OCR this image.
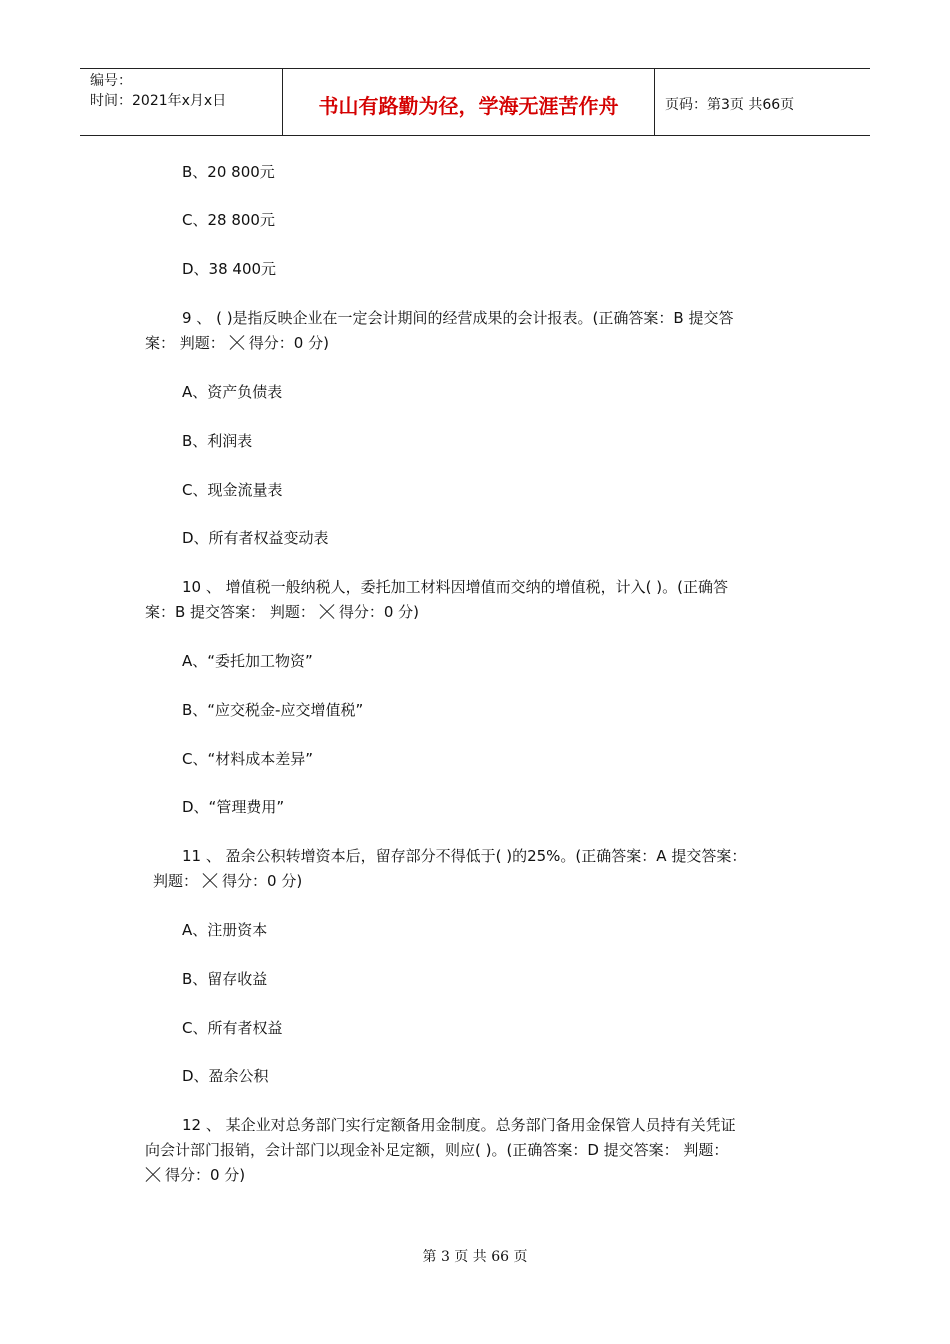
编号：
时间：2021年x月x日	书山有路勤为径，学海无涯苦作舟	页码：第3页 共66页
B、20 800元
C、28 800元
D、38 400元
9 、 ( )是指反映企业在一定会计期间的经营成果的会计报表。(正确答案：B 提交答
案： 判题： 得分：0 分)
A、资产负债表
B、利润表
C、现金流量表
D、所有者权益变动表
10 、 增值税一般纳税人，委托加工材料因增值而交纳的增值税，计入( )。(正确答
案：B 提交答案： 判题： 得分：0 分)
A、“委托加工物资”
B、“应交税金-应交增值税”
C、“材料成本差异”
D、“管理费用”
11 、 盈余公积转增资本后，留存部分不得低于( )的25%。(正确答案：A 提交答案：
判题： 得分：0 分)
A、注册资本
B、留存收益
C、所有者权益
D、盈余公积
12 、 某企业对总务部门实行定额备用金制度。总务部门备用金保管人员持有关凭证
向会计部门报销，会计部门以现金补足定额，则应( )。(正确答案：D 提交答案： 判题：
得分：0 分)
第 3 页 共 66 页
